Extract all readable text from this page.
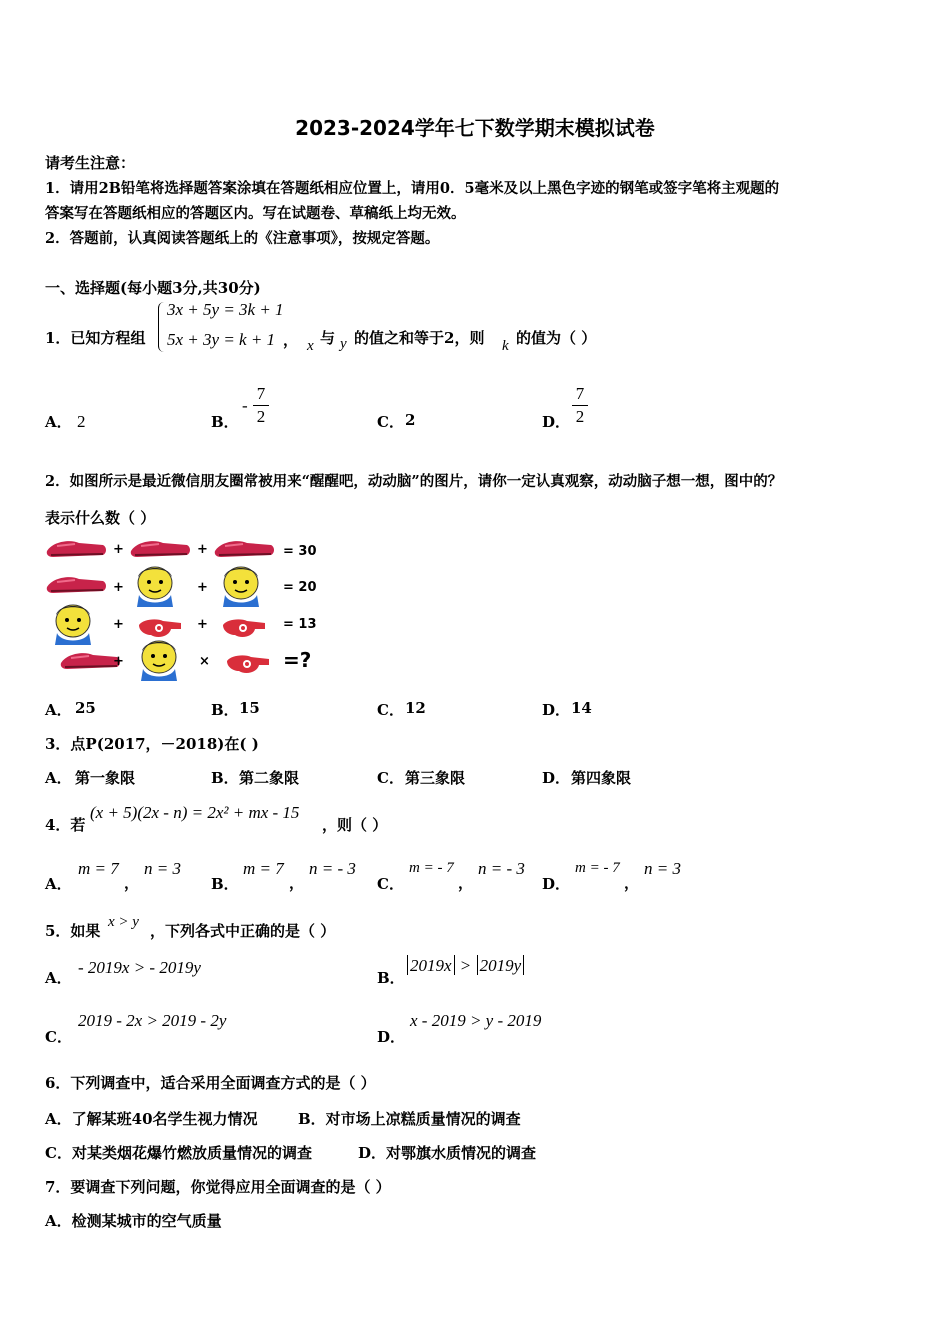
2023-2024学年七下数学期末模拟试卷
请考生注意：
1．请用2B铅笔将选择题答案涂填在答题纸相应位置上，请用0．5毫米及以上黑色字迹的钢笔或签字笔将主观题的
答案写在答题纸相应的答题区内。写在试题卷、草稿纸上均无效。
2．答题前，认真阅读答题纸上的《注意事项》，按规定答题。
一、选择题(每小题3分,共30分)
1．已知方程组
3x + 5y = 3k + 1
5x + 3y = k + 1 ， x 与 y 的值之和等于2，则 k 的值为（ ）
A． 2	B．
-
7
2	C． 2	D．
7
2
2．如图所示是最近微信朋友圈常被用来“醒醒吧，动动脑”的图片，请你一定认真观察，动动脑子想一想，图中的？
表示什么数（ ）
+	+	= 30
+	+	= 20
+	+	= 13
+	×	=?
A． 25	B． 15	C． 12	D． 14
3．点P(2017，－2018)在( )
A． 第一象限	B． 第二象限	C． 第三象限	D． 第四象限
4．若
(x + 5)(2x - n) = 2x² + mx - 15
，则（ ）
A．
m = 7
，
n = 3
B．
m = 7
，
n = - 3
C．
m = - 7
，
n = - 3
D．
m = - 7
，
n = 3
5．如果 x > y ，下列各式中正确的是（ ）
A．
- 2019x > - 2019y
B．
2019x > 2019y
C．
2019 - 2x > 2019 - 2y
D．
x - 2019 > y - 2019
6．下列调查中，适合采用全面调查方式的是（ ）
A．了解某班40名学生视力情况	B．对市场上凉糕质量情况的调查
C．对某类烟花爆竹燃放质量情况的调查	D．对鄂旗水质情况的调查
7．要调查下列问题，你觉得应用全面调查的是（ ）
A．检测某城市的空气质量
